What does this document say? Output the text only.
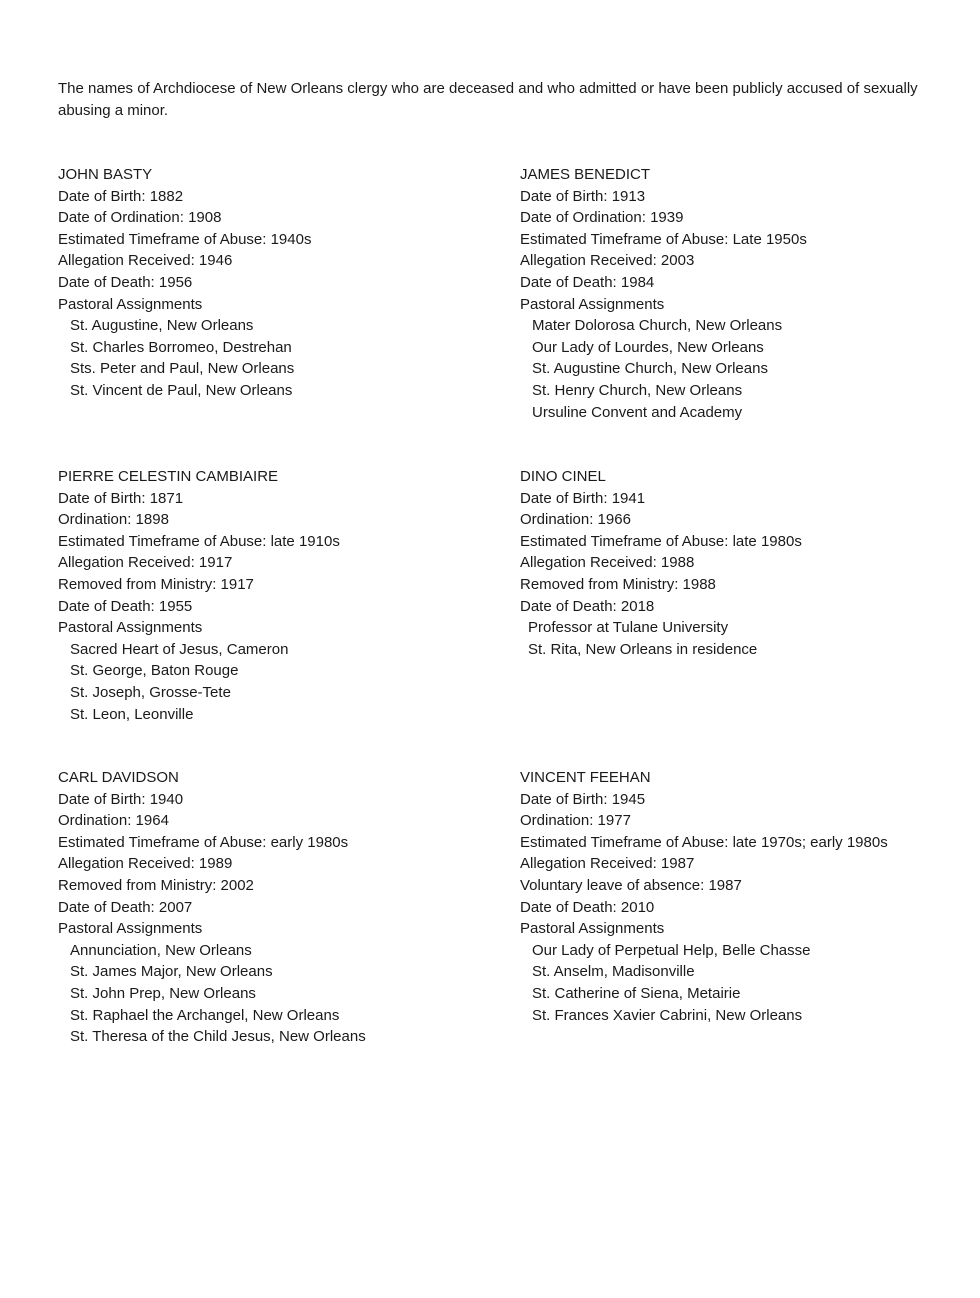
The names of Archdiocese of New Orleans clergy who are deceased and who admitted or have been publicly accused of sexually abusing a minor.

JOHN BASTY
Date of Birth: 1882
Date of Ordination: 1908
Estimated Timeframe of Abuse: 1940s
Allegation Received: 1946
Date of Death: 1956
Pastoral Assignments
St. Augustine, New Orleans
St. Charles Borromeo, Destrehan
Sts. Peter and Paul, New Orleans
St. Vincent de Paul, New Orleans
JAMES BENEDICT
Date of Birth: 1913
Date of Ordination: 1939
Estimated Timeframe of Abuse: Late 1950s
Allegation Received: 2003
Date of Death: 1984
Pastoral Assignments
Mater Dolorosa Church, New Orleans
Our Lady of Lourdes, New Orleans
St. Augustine Church, New Orleans
St. Henry Church, New Orleans
Ursuline Convent and Academy
PIERRE CELESTIN CAMBIAIRE
Date of Birth: 1871
Ordination: 1898
Estimated Timeframe of Abuse: late 1910s
Allegation Received: 1917
Removed from Ministry: 1917
Date of Death: 1955
Pastoral Assignments
Sacred Heart of Jesus, Cameron
St. George, Baton Rouge
St. Joseph, Grosse-Tete
St. Leon, Leonville
DINO CINEL
Date of Birth: 1941
Ordination: 1966
Estimated Timeframe of Abuse: late 1980s
Allegation Received: 1988
Removed from Ministry: 1988
Date of Death: 2018
Professor at Tulane University
St. Rita, New Orleans in residence
CARL DAVIDSON
Date of Birth: 1940
Ordination: 1964
Estimated Timeframe of Abuse: early 1980s
Allegation Received: 1989
Removed from Ministry: 2002
Date of Death: 2007
Pastoral Assignments
Annunciation, New Orleans
St. James Major, New Orleans
St. John Prep, New Orleans
St. Raphael the Archangel, New Orleans
St. Theresa of the Child Jesus, New Orleans
VINCENT FEEHAN
Date of Birth: 1945
Ordination: 1977
Estimated Timeframe of Abuse: late 1970s; early 1980s
Allegation Received: 1987
Voluntary leave of absence: 1987
Date of Death: 2010
Pastoral Assignments
Our Lady of Perpetual Help, Belle Chasse
St. Anselm, Madisonville
St. Catherine of Siena, Metairie
St. Frances Xavier Cabrini, New Orleans
